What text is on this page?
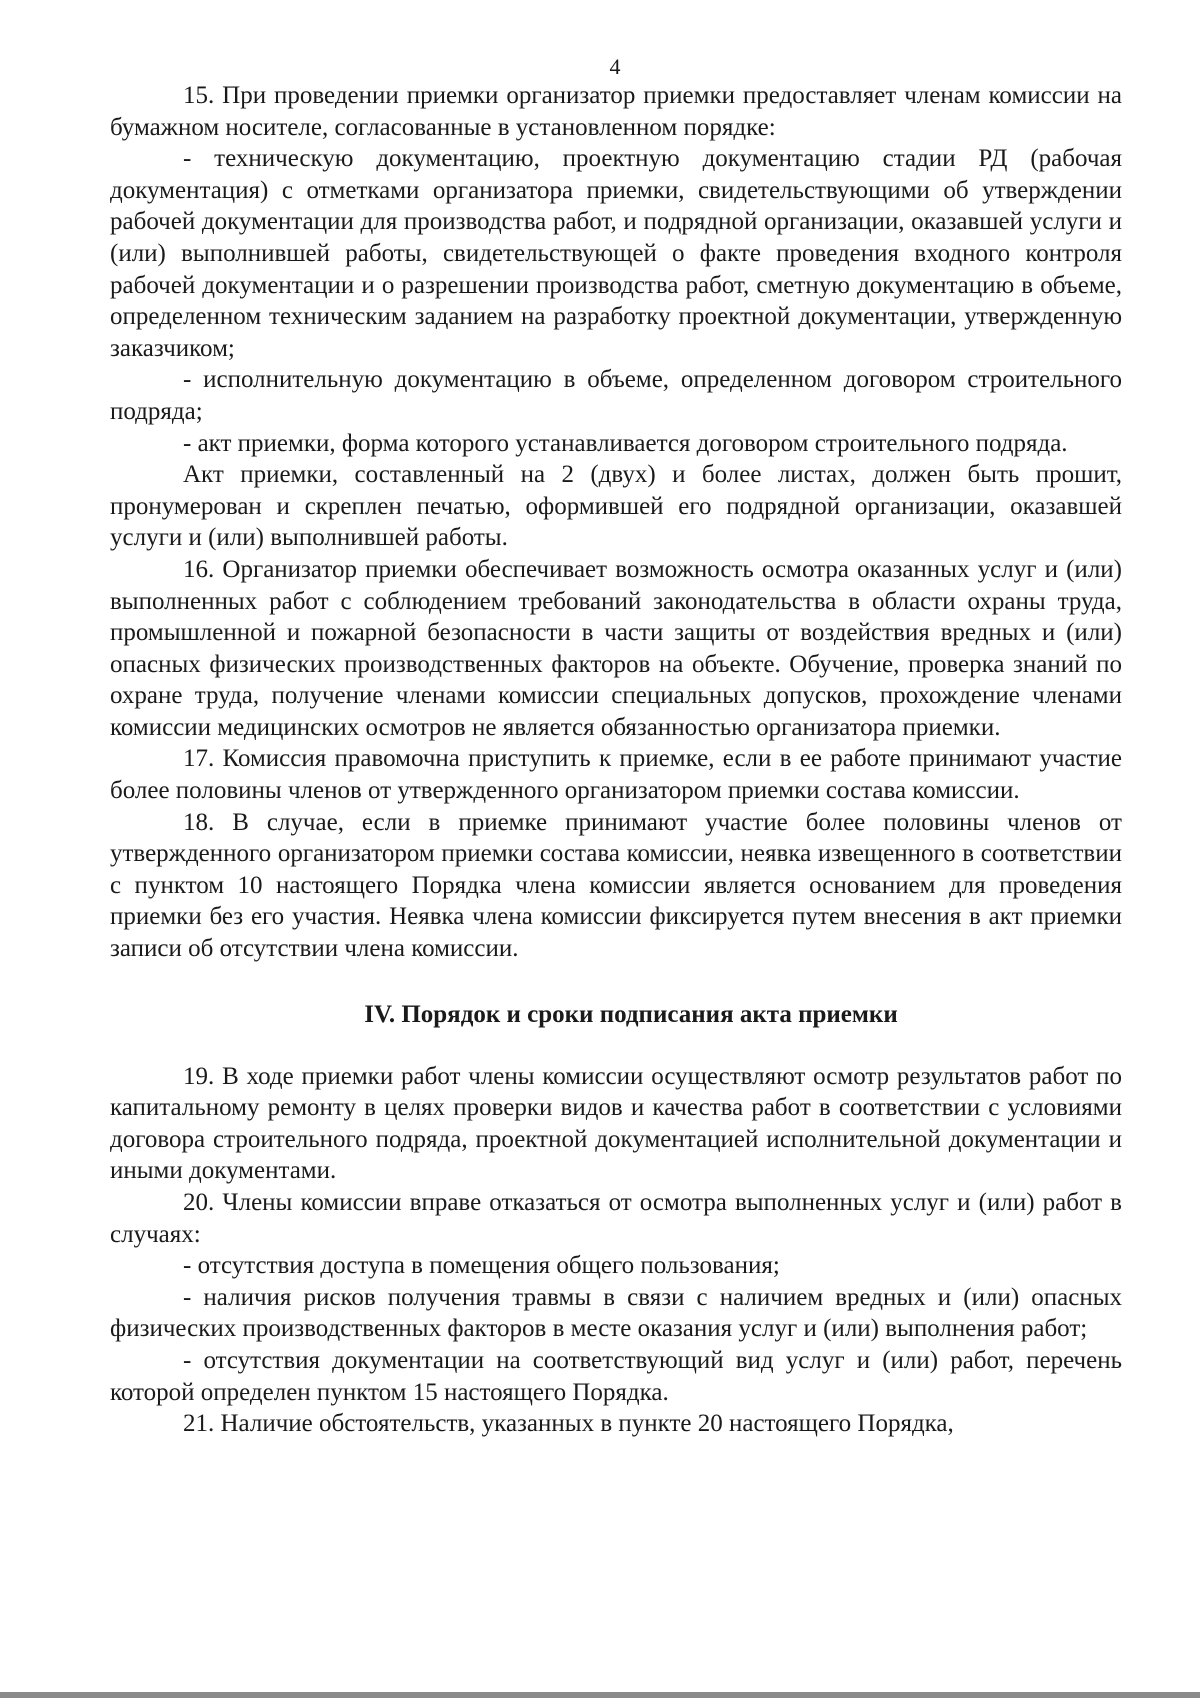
4

15. При проведении приемки организатор приемки предоставляет членам комиссии на бумажном носителе, согласованные в установленном порядке:

- техническую документацию, проектную документацию стадии РД (рабочая документация) с отметками организатора приемки, свидетельствующими об утверждении рабочей документации для производства работ, и подрядной организации, оказавшей услуги и (или) выполнившей работы, свидетельствующей о факте проведения входного контроля рабочей документации и о разрешении производства работ, сметную документацию в объеме, определенном техническим заданием на разработку проектной документации, утвержденную заказчиком;

- исполнительную документацию в объеме, определенном договором строительного подряда;

- акт приемки, форма которого устанавливается договором строительного подряда.

Акт приемки, составленный на 2 (двух) и более листах, должен быть прошит, пронумерован и скреплен печатью, оформившей его подрядной организации, оказавшей услуги и (или) выполнившей работы.

16. Организатор приемки обеспечивает возможность осмотра оказанных услуг и (или) выполненных работ с соблюдением требований законодательства в области охраны труда, промышленной и пожарной безопасности в части защиты от воздействия вредных и (или) опасных физических производственных факторов на объекте. Обучение, проверка знаний по охране труда, получение членами комиссии специальных допусков, прохождение членами комиссии медицинских осмотров не является обязанностью организатора приемки.

17. Комиссия правомочна приступить к приемке, если в ее работе принимают участие более половины членов от утвержденного организатором приемки состава комиссии.

18. В случае, если в приемке принимают участие более половины членов от утвержденного организатором приемки состава комиссии, неявка извещенного в соответствии с пунктом 10 настоящего Порядка члена комиссии является основанием для проведения приемки без его участия. Неявка члена комиссии фиксируется путем внесения в акт приемки записи об отсутствии члена комиссии.

IV. Порядок и сроки подписания акта приемки

19. В ходе приемки работ члены комиссии осуществляют осмотр результатов работ по капитальному ремонту в целях проверки видов и качества работ в соответствии с условиями договора строительного подряда, проектной документацией исполнительной документации и иными документами.

20. Члены комиссии вправе отказаться от осмотра выполненных услуг и (или) работ в случаях:

- отсутствия доступа в помещения общего пользования;

- наличия рисков получения травмы в связи с наличием вредных и (или) опасных физических производственных факторов в месте оказания услуг и (или) выполнения работ;

- отсутствия документации на соответствующий вид услуг и (или) работ, перечень которой определен пунктом 15 настоящего Порядка.

21. Наличие обстоятельств, указанных в пункте 20 настоящего Порядка,
